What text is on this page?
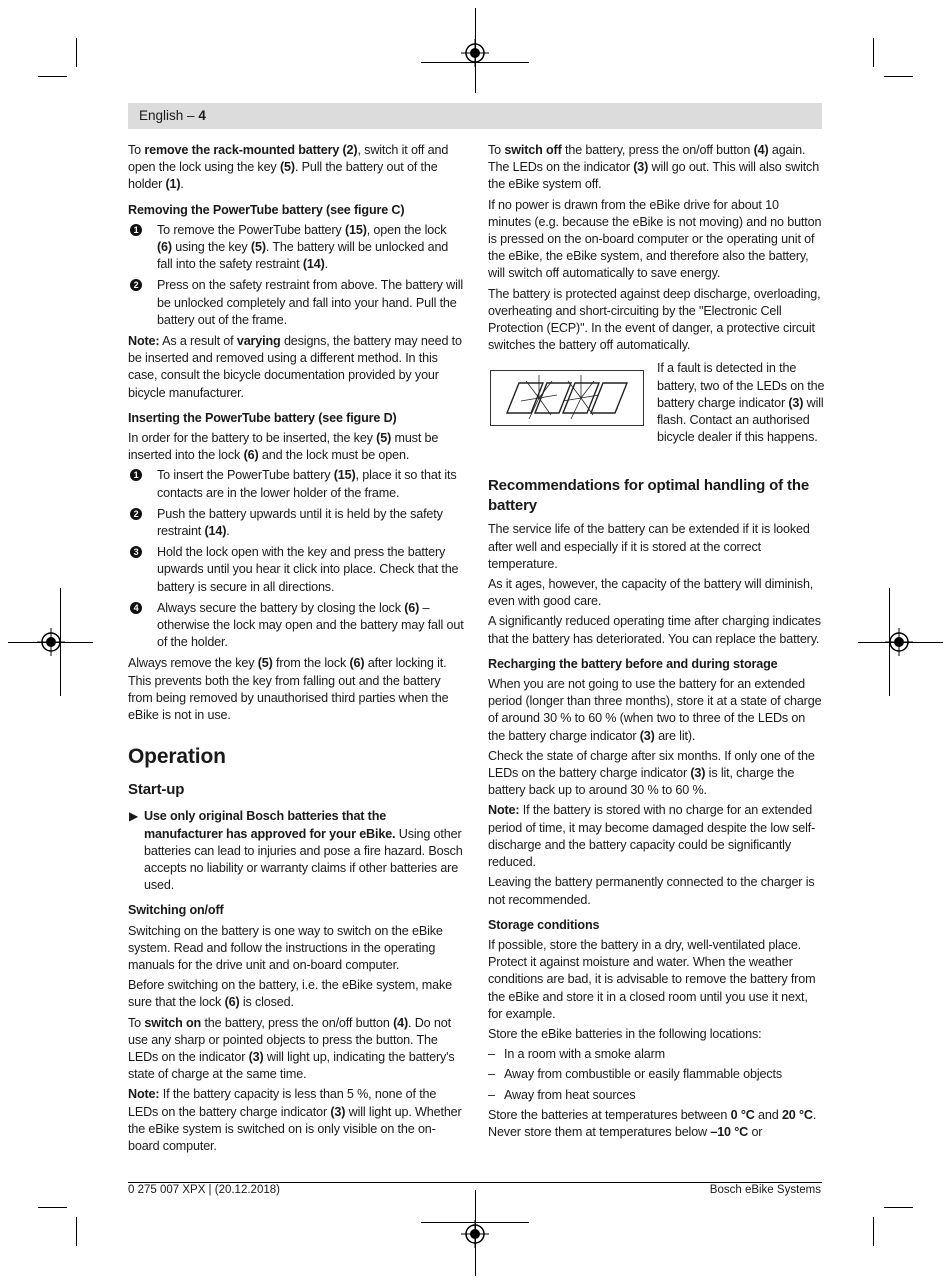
English – 4

To remove the rack-mounted battery (2), switch it off and open the lock using the key (5). Pull the battery out of the holder (1).

Removing the PowerTube battery (see figure C)
1 To remove the PowerTube battery (15), open the lock (6) using the key (5). The battery will be unlocked and fall into the safety restraint (14).
2 Press on the safety restraint from above. The battery will be unlocked completely and fall into your hand. Pull the battery out of the frame.

Note: As a result of varying designs, the battery may need to be inserted and removed using a different method. In this case, consult the bicycle documentation provided by your bicycle manufacturer.

Inserting the PowerTube battery (see figure D)

In order for the battery to be inserted, the key (5) must be inserted into the lock (6) and the lock must be open.

1 To insert the PowerTube battery (15), place it so that its contacts are in the lower holder of the frame.
2 Push the battery upwards until it is held by the safety restraint (14).
3 Hold the lock open with the key and press the battery upwards until you hear it click into place. Check that the battery is secure in all directions.
4 Always secure the battery by closing the lock (6) – otherwise the lock may open and the battery may fall out of the holder.

Always remove the key (5) from the lock (6) after locking it. This prevents both the key from falling out and the battery from being removed by unauthorised third parties when the eBike is not in use.

Operation
Start-up
▶ Use only original Bosch batteries that the manufacturer has approved for your eBike. Using other batteries can lead to injuries and pose a fire hazard. Bosch accepts no liability or warranty claims if other batteries are used.
Switching on/off

Switching on the battery is one way to switch on the eBike system. Read and follow the instructions in the operating manuals for the drive unit and on-board computer.

Before switching on the battery, i.e. the eBike system, make sure that the lock (6) is closed.

To switch on the battery, press the on/off button (4). Do not use any sharp or pointed objects to press the button. The LEDs on the indicator (3) will light up, indicating the battery's state of charge at the same time.

Note: If the battery capacity is less than 5 %, none of the LEDs on the battery charge indicator (3) will light up. Whether the eBike system is switched on is only visible on the on-board computer.

To switch off the battery, press the on/off button (4) again. The LEDs on the indicator (3) will go out. This will also switch the eBike system off.

If no power is drawn from the eBike drive for about 10 minutes (e.g. because the eBike is not moving) and no button is pressed on the on-board computer or the operating unit of the eBike, the eBike system, and therefore also the battery, will switch off automatically to save energy.

The battery is protected against deep discharge, overloading, overheating and short-circuiting by the "Electronic Cell Protection (ECP)". In the event of danger, a protective circuit switches the battery off automatically.

If a fault is detected in the battery, two of the LEDs on the battery charge indicator (3) will flash. Contact an authorised bicycle dealer if this happens.
Recommendations for optimal handling of the battery

The service life of the battery can be extended if it is looked after well and especially if it is stored at the correct temperature.

As it ages, however, the capacity of the battery will diminish, even with good care.

A significantly reduced operating time after charging indicates that the battery has deteriorated. You can replace the battery.

Recharging the battery before and during storage

When you are not going to use the battery for an extended period (longer than three months), store it at a state of charge of around 30 % to 60 % (when two to three of the LEDs on the battery charge indicator (3) are lit).

Check the state of charge after six months. If only one of the LEDs on the battery charge indicator (3) is lit, charge the battery back up to around 30 % to 60 %.

Note: If the battery is stored with no charge for an extended period of time, it may become damaged despite the low self-discharge and the battery capacity could be significantly reduced.

Leaving the battery permanently connected to the charger is not recommended.

Storage conditions

If possible, store the battery in a dry, well-ventilated place. Protect it against moisture and water. When the weather conditions are bad, it is advisable to remove the battery from the eBike and store it in a closed room until you use it next, for example.

Store the eBike batteries in the following locations:

– In a room with a smoke alarm
– Away from combustible or easily flammable objects
– Away from heat sources

Store the batteries at temperatures between 0 °C and 20 °C. Never store them at temperatures below –10 °C or

0 275 007 XPX | (20.12.2018)	Bosch eBike Systems
